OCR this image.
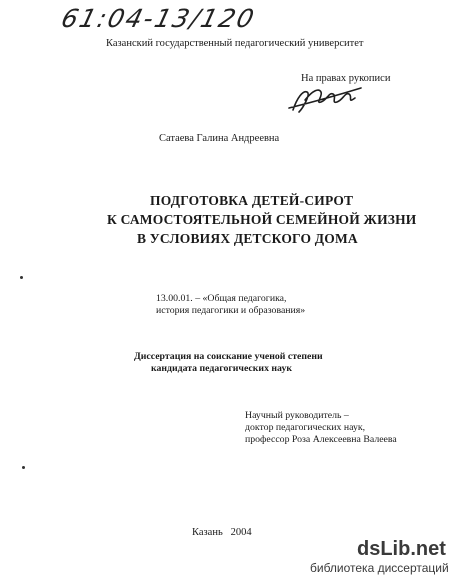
61:04-13/120
Казанский государственный педагогический университет
На правах рукописи
Сатаева Галина Андреевна
ПОДГОТОВКА ДЕТЕЙ-СИРОТ
К САМОСТОЯТЕЛЬНОЙ СЕМЕЙНОЙ ЖИЗНИ
В УСЛОВИЯХ ДЕТСКОГО ДОМА
13.00.01. – «Общая педагогика,
история педагогики и образования»
Диссертация на соискание ученой степени
кандидата педагогических наук
Научный руководитель –
доктор педагогических наук,
профессор Роза Алексеевна Валеева
Казань   2004
dsLib.net
библиотека диссертаций
